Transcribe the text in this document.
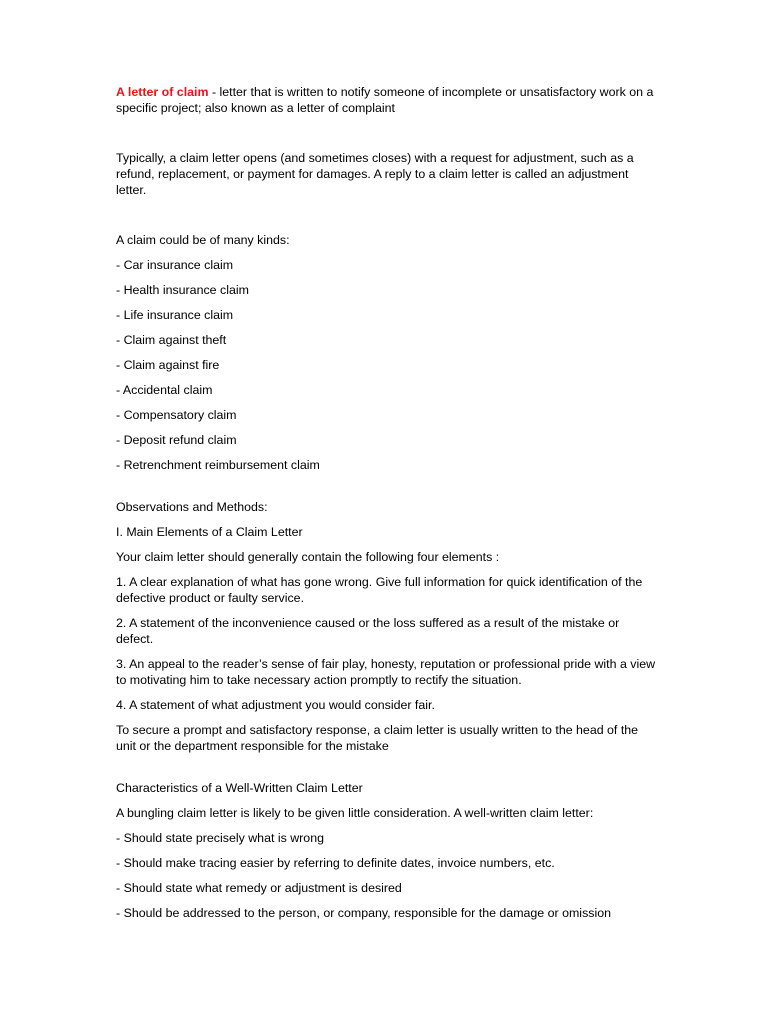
A letter of claim - letter that is written to notify someone of incomplete or unsatisfactory work on a specific project; also known as a letter of complaint

Typically, a claim letter opens (and sometimes closes) with a request for adjustment, such as a refund, replacement, or payment for damages. A reply to a claim letter is called an adjustment letter.

A claim could be of many kinds:

- Car insurance claim

- Health insurance claim

- Life insurance claim

- Claim against theft

- Claim against fire

- Accidental claim

- Compensatory claim

- Deposit refund claim

- Retrenchment reimbursement claim

Observations and Methods:

I. Main Elements of a Claim Letter

Your claim letter should generally contain the following four elements :

1. A clear explanation of what has gone wrong. Give full information for quick identification of the defective product or faulty service.

2. A statement of the inconvenience caused or the loss suffered as a result of the mistake or defect.

3. An appeal to the reader’s sense of fair play, honesty, reputation or professional pride with a view to motivating him to take necessary action promptly to rectify the situation.

4. A statement of what adjustment you would consider fair.

To secure a prompt and satisfactory response, a claim letter is usually written to the head of the unit or the department responsible for the mistake

Characteristics of a Well-Written Claim Letter

A bungling claim letter is likely to be given little consideration. A well-written claim letter:

- Should state precisely what is wrong

- Should make tracing easier by referring to definite dates, invoice numbers, etc.

- Should state what remedy or adjustment is desired

- Should be addressed to the person, or company, responsible for the damage or omission
